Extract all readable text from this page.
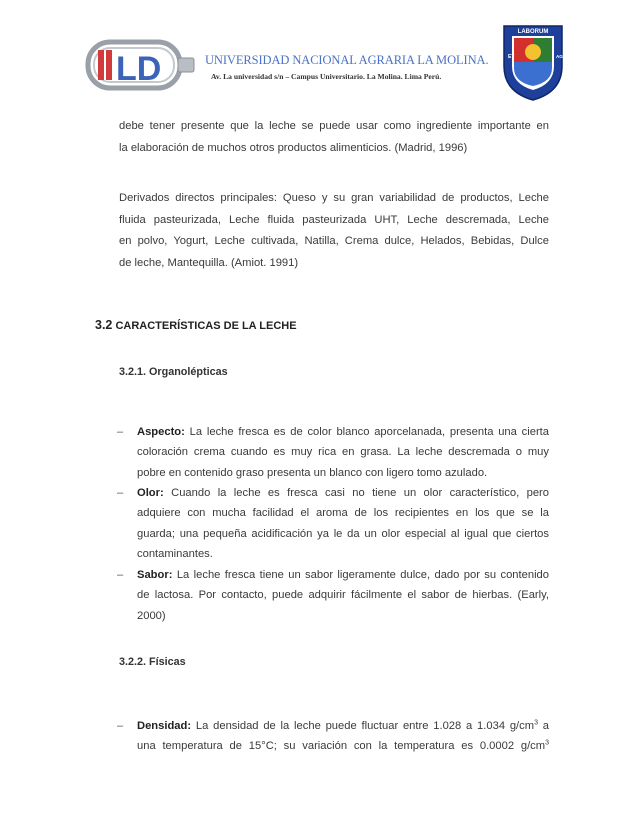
LD	UNIVERSIDAD NACIONAL AGRARIA LA MOLINA.
Av. La universidad s/n – Campus Universitario. La Molina. Lima Perú.
LABORUM
ET	AGRIC
debe tener presente que la leche se puede usar como ingrediente importante en
la elaboración de muchos otros productos alimenticios. (Madrid, 1996)
Derivados directos principales: Queso y su gran variabilidad de productos, Leche
fluida pasteurizada, Leche fluida pasteurizada UHT, Leche descremada, Leche
en polvo, Yogurt, Leche cultivada, Natilla, Crema dulce, Helados, Bebidas, Dulce
de leche, Mantequilla. (Amiot. 1991)
3.2 CARACTERÍSTICAS DE LA LECHE
3.2.1. Organolépticas
– Aspecto: La leche fresca es de color blanco aporcelanada, presenta una cierta
coloración crema cuando es muy rica en grasa. La leche descremada o muy
pobre en contenido graso presenta un blanco con ligero tomo azulado.
– Olor: Cuando la leche es fresca casi no tiene un olor característico, pero
adquiere con mucha facilidad el aroma de los recipientes en los que se la
guarda; una pequeña acidificación ya le da un olor especial al igual que ciertos
contaminantes.
– Sabor: La leche fresca tiene un sabor ligeramente dulce, dado por su contenido
de lactosa. Por contacto, puede adquirir fácilmente el sabor de hierbas. (Early,
2000)
3.2.2. Físicas
– Densidad: La densidad de la leche puede fluctuar entre 1.028 a 1.034 $g/cm^3$ a
una temperatura de 15°C; su variación con la temperatura es 0.0002 $g/cm^3$
